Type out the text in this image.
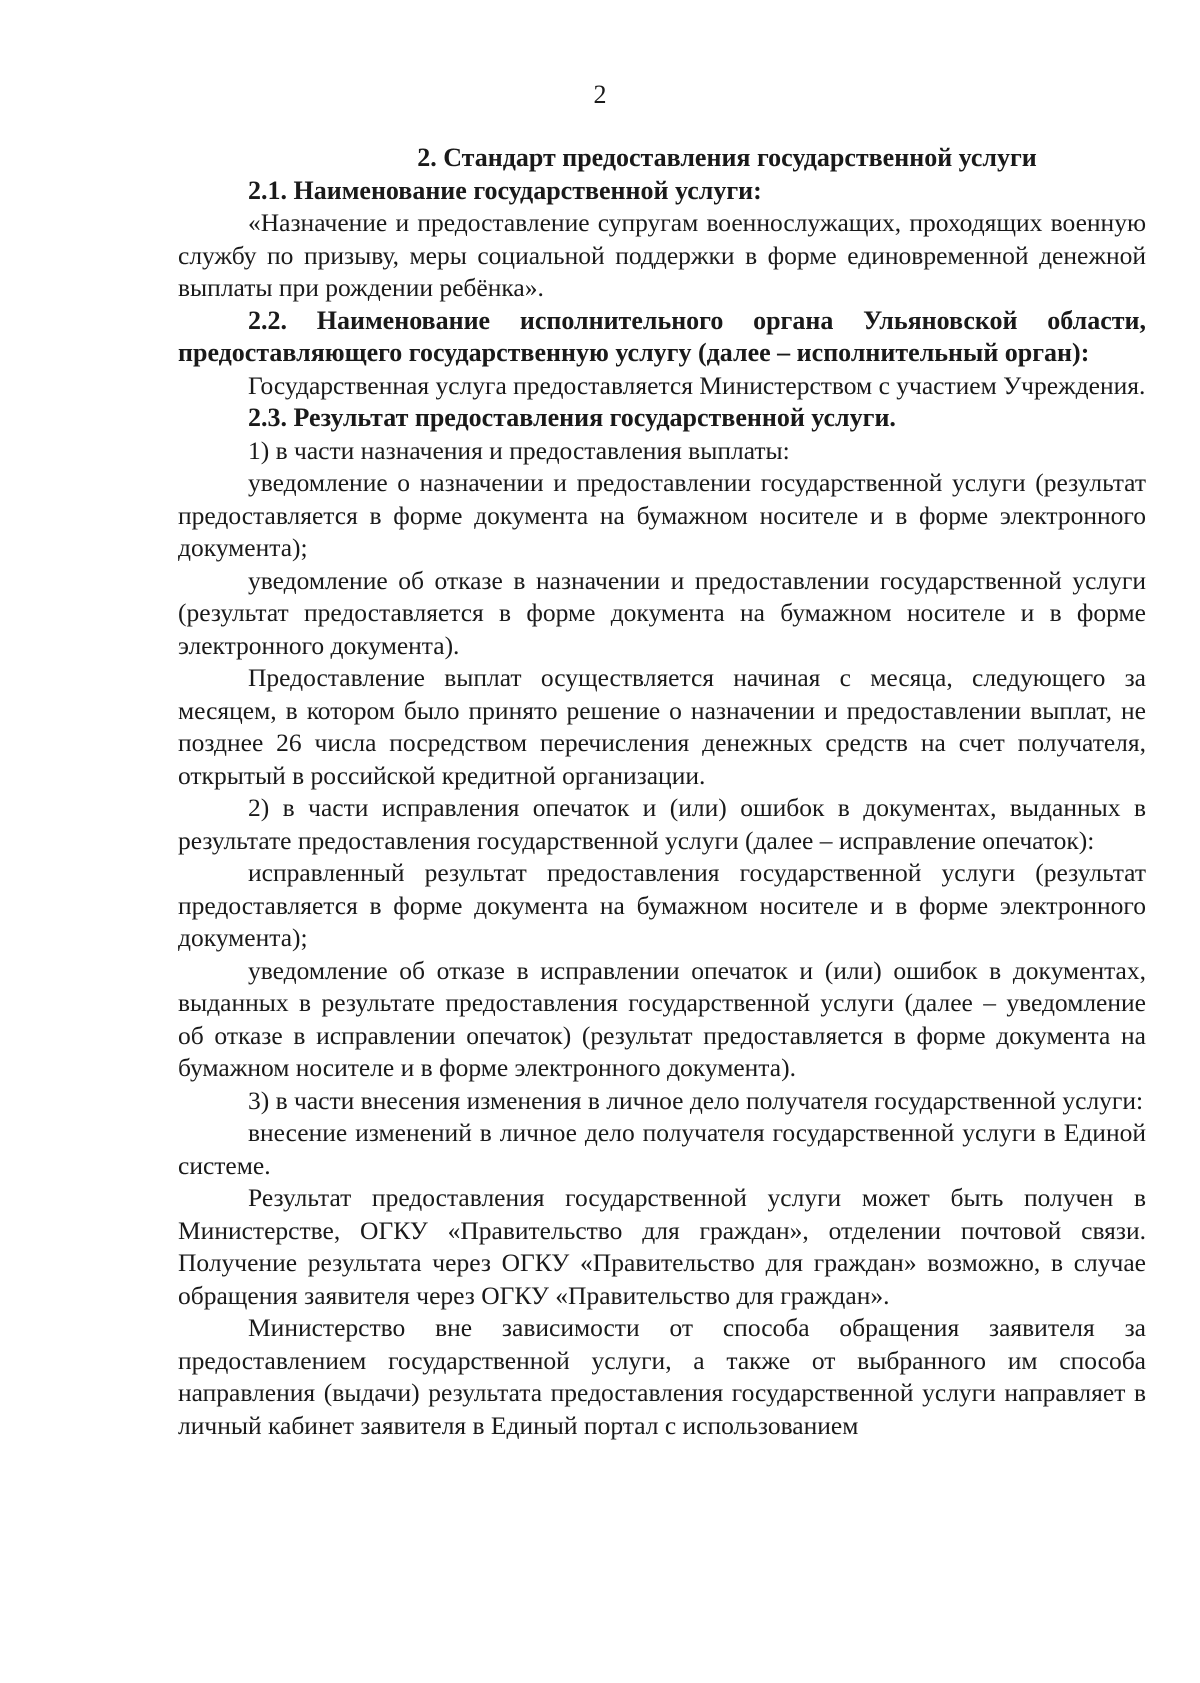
2

2. Стандарт предоставления государственной услуги

2.1. Наименование государственной услуги:

«Назначение и предоставление супругам военнослужащих, проходящих военную службу по призыву, меры социальной поддержки в форме единовременной денежной выплаты при рождении ребёнка».

2.2. Наименование исполнительного органа Ульяновской области, предоставляющего государственную услугу (далее – исполнительный орган):

Государственная услуга предоставляется Министерством с участием Учреждения.

2.3. Результат предоставления государственной услуги.

1) в части назначения и предоставления выплаты:

уведомление о назначении и предоставлении государственной услуги (результат предоставляется в форме документа на бумажном носителе и в форме электронного документа);

уведомление об отказе в назначении и предоставлении государственной услуги (результат предоставляется в форме документа на бумажном носителе и в форме электронного документа).

Предоставление выплат осуществляется начиная с месяца, следующего за месяцем, в котором было принято решение о назначении и предоставлении выплат, не позднее 26 числа посредством перечисления денежных средств на счет получателя, открытый в российской кредитной организации.

2) в части исправления опечаток и (или) ошибок в документах, выданных в результате предоставления государственной услуги (далее – исправление опечаток):

исправленный результат предоставления государственной услуги (результат предоставляется в форме документа на бумажном носителе и в форме электронного документа);

уведомление об отказе в исправлении опечаток и (или) ошибок в документах, выданных в результате предоставления государственной услуги (далее – уведомление об отказе в исправлении опечаток) (результат предоставляется в форме документа на бумажном носителе и в форме электронного документа).

3) в части внесения изменения в личное дело получателя государственной услуги:

внесение изменений в личное дело получателя государственной услуги в Единой системе.

Результат предоставления государственной услуги может быть получен в Министерстве, ОГКУ «Правительство для граждан», отделении почтовой связи. Получение результата через ОГКУ «Правительство для граждан» возможно, в случае обращения заявителя через ОГКУ «Правительство для граждан».

Министерство вне зависимости от способа обращения заявителя за предоставлением государственной услуги, а также от выбранного им способа направления (выдачи) результата предоставления государственной услуги направляет в личный кабинет заявителя в Единый портал с использованием
